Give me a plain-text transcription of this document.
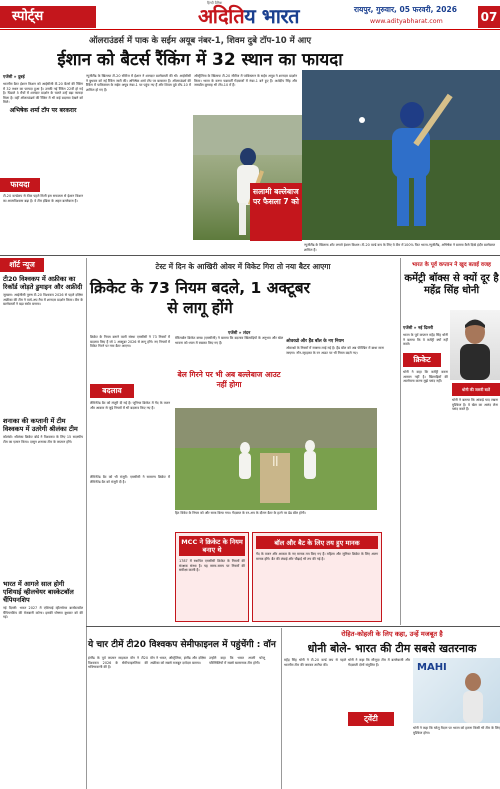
स्पोर्ट्स
हिन्दी दैनिक
अदितिय भारत	रायपुर, गुरुवार, 05 फरवरी, 2026
www.adityabharat.com	07
ऑलराउंडर्स में पाक के सईम अयूब नंबर-1, शिवम दुबे टॉप-10 में आए
ईशान को बैटर्स रैंकिंग में 32 स्थान का फायदा
एजेंसी » दुबई
भारतीय बैटर ईशान किशन को आईसीसी टी-20 बैटर्स की रैंकिंग में 32 स्थान का फायदा हुआ है। उनकी नई रैंकिंग 22वीं हो गई है। पिछले 5 मैचों में शानदार प्रदर्शन के चलते उन्हें बड़ा फायदा मिला है। वहीं ऑलराउंडर्स की रैंकिंग में भी कई बदलाव देखने को मिले।
अभिषेक शर्मा टॉप पर बरकरार
न्यूजीलैंड के खिलाफ टी-20 सीरीज में ईशान ने शानदार बल्लेबाजी की थी। आईसीसी ने बुधवार को नई रैंकिंग जारी की। अभिषेक शर्मा टॉप पर बरकरार हैं। ऑलराउंडर्स की रैंकिंग में पाकिस्तान के सईम अयूब नंबर-1 पर पहुंच गए हैं और शिवम दुबे टॉप-10 में शामिल हो गए हैं।
ऑस्ट्रेलिया के खिलाफ टी-20 सीरीज में पाकिस्तान के सईम अयूब ने शानदार प्रदर्शन किया। भारत के वरुण चक्रवर्ती गेंदबाजों में नंबर-1 बने हुए हैं। अर्शदीप सिंह और जसप्रीत बुमराह भी टॉप-10 में हैं।
फायदा
टी-20 वर्ल्डकप से ठीक पहले मिली इस सफलता से ईशान किशन का आत्मविश्वास बढ़ा है। वे टीम इंडिया के अहम बल्लेबाज हैं।
सलामी बल्लेबाज पर फैसला 7 को
न्यूजीलैंड के खिलाफ शॉट लगाते ईशान किशन। टी-20 वर्ल्ड कप के लिए वे टीम में शामिल हैं।
100% फिट भारत-न्यूजीलैंड, अभिषेक ने बताया कैसे दिखे इंदौर बल्लेबाज
शॉर्ट न्यूज
टी20 विश्वकप में अफ्रीका का रिकॉर्ड जोड़ते डुमाइन और अफ्रीदी
जुम्बला: आईसीसी पुरुष टी-20 विश्वकप 2026 से पहले दक्षिण अफ्रीका की टीम ने वार्म-अप मैच में शानदार प्रदर्शन किया। टीम के बल्लेबाजों ने बड़ा स्कोर बनाया।
शनाका की कप्तानी में टीम विश्वकप में उतरेगी श्रीलंका टीम
कोलंबो: श्रीलंका क्रिकेट बोर्ड ने विश्वकप के लिए 15 सदस्यीय टीम का एलान किया। दासुन शनाका टीम के कप्तान होंगे।
भारत में आगले साल होगी एशियाई व्हीलचेयर बास्केटबॉल चैंपियनशिप
नई दिल्ली: भारत 2027 में एशियाई व्हीलचेयर बास्केटबॉल चैंपियनशिप की मेजबानी करेगा। इसकी घोषणा बुधवार को की गई।
टेस्ट में दिन के आखिरी ओवर में विकेट गिरा तो नया बैटर आएगा
क्रिकेट के 73 नियम बदले, 1 अक्टूबर से लागू होंगे
एजेंसी » लंदन
क्रिकेट के नियम बनाने वाली संस्था एमसीसी ने 73 नियमों में बदलाव किए हैं जो 1 अक्टूबर 2026 से लागू होंगे। नए नियमों में विकेट गिरने पर नया बैटर आएगा।
बदलाव
लेमिनेटेड बैट को मंजूरी दी गई है। जूनियर क्रिकेट में गेंद के वजन और आकार से जुड़े नियमों में भी बदलाव किए गए हैं।
लेमिनेटेड बैट को भी मंजूरी: एमसीसी ने सामान्य क्रिकेट में लेमिनेटेड बैट को मंजूरी दी है।
मेरिलबोन क्रिकेट क्लब (एमसीसी) ने बताया कि बदलाव खिलाड़ियों के अनुभव और खेल भावना को ध्यान में रखकर किए गए हैं।
बेल गिरने पर भी अब बल्लेबाज आउट नहीं होगा
ओवरथ्रो और हैंड बॉल के नए नियम
ओवरथ्रो के नियमों में स्पष्टता लाई गई है। हैंड बॉल को अब फील्डिंग में बाधा माना जाएगा। नॉन-स्ट्राइकर के रन आउट पर भी नियम बदले गए।
हिट विकेट के नियम को और साफ किया गया। गेंदबाज के रन-अप के दौरान बैटर के हटने पर डेड बॉल होगी।
MCC ने क्रिकेट के नियम बनाए थे
1787 में स्थापित एमसीसी क्रिकेट के नियमों की संरक्षक संस्था है। यह समय-समय पर नियमों की समीक्षा करती है।
बॉल और बैट के लिए तय हुए मानक
गेंद के वजन और आकार के नए मानक तय किए गए हैं। महिला और जूनियर क्रिकेट के लिए अलग मानक होंगे। बैट की लंबाई और चौड़ाई भी तय की गई है।
भारत के पूर्व कप्तान ने खुद बताई वजह
कमेंट्री बॉक्स से क्यों दूर है महेंद्र सिंह धोनी
एजेंसी » नई दिल्ली
भारत के पूर्व कप्तान महेंद्र सिंह धोनी ने बताया कि वे कमेंट्री क्यों नहीं करते।
क्रिकेट
धोनी ने कहा कि कमेंट्री करना आसान नहीं है। खिलाड़ियों की आलोचना करना मुझे पसंद नहीं।
धोनी की जरूरी बातें
धोनी ने बताया कि आंकड़े याद रखना मुश्किल है। वे खेल का आनंद लेना पसंद करते हैं।
ये चार टीमें टी20 विश्वकप सेमीफाइनल में पहुंचेंगी : वॉन
इंग्लैंड के पूर्व कप्तान माइकल वॉन ने टी20 विश्वकप 2026 के सेमीफाइनलिस्ट की भविष्यवाणी की है।
वॉन ने भारत, ऑस्ट्रेलिया, इंग्लैंड और दक्षिण अफ्रीका को सबसे मजबूत दावेदार बताया।
उन्होंने कहा कि भारत अपनी घरेलू परिस्थितियों में सबसे खतरनाक टीम होगी।
रोहित-कोहली के लिए कहा, उन्हें मजबूत है
धोनी बोले- भारत की टीम सबसे खतरनाक
महेंद्र सिंह धोनी ने टी-20 वर्ल्ड कप से पहले भारतीय टीम की जमकर तारीफ की।
ट्वेंटी
धोनी ने कहा कि मौजूदा टीम में बल्लेबाजी और गेंदबाजी दोनों संतुलित हैं।	MAHI
धोनी ने कहा कि घरेलू मैदान पर भारत को हराना किसी भी टीम के लिए मुश्किल होगा।
